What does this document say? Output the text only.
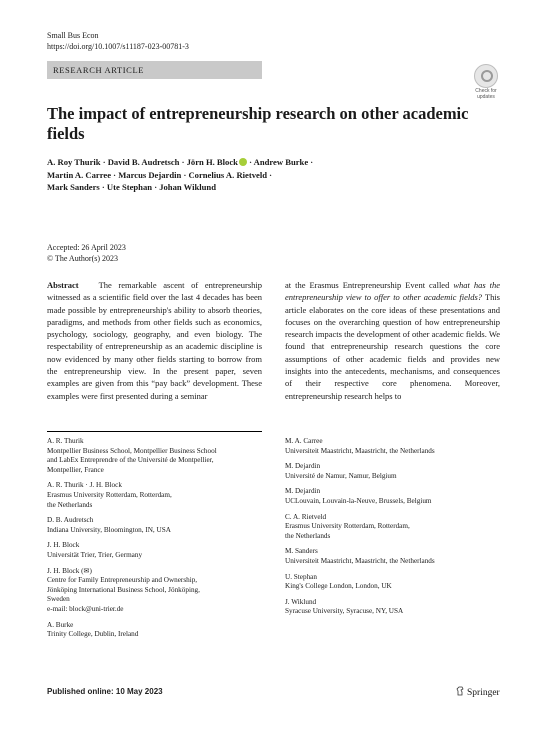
Small Bus Econ
https://doi.org/10.1007/s11187-023-00781-3
RESEARCH ARTICLE
Check for
updates
The impact of entrepreneurship research on other academic fields
A. Roy Thurik · David B. Audretsch · Jörn H. Block · Andrew Burke ·
Martin A. Carree · Marcus Dejardin · Cornelius A. Rietveld ·
Mark Sanders · Ute Stephan · Johan Wiklund
Accepted: 26 April 2023
© The Author(s) 2023
Abstract The remarkable ascent of entrepreneurship witnessed as a scientific field over the last 4 decades has been made possible by entrepreneurship's ability to absorb theories, paradigms, and methods from other fields such as economics, psychology, sociology, geography, and even biology. The respectability of entrepreneurship as an academic discipline is now evidenced by many other fields starting to borrow from the entrepreneurship view. In the present paper, seven examples are given from this “pay back” development. These examples were first presented during a seminar
at the Erasmus Entrepreneurship Event called what has the entrepreneurship view to offer to other academic fields? This article elaborates on the core ideas of these presentations and focuses on the overarching question of how entrepreneurship research impacts the development of other academic fields. We found that entrepreneurship research questions the core assumptions of other academic fields and provides new insights into the antecedents, mechanisms, and consequences of their respective core phenomena. Moreover, entrepreneurship research helps to
A. R. Thurik
Montpellier Business School, Montpellier Business School
and LabEx Entreprendre of the Université de Montpellier,
Montpellier, France
A. R. Thurik · J. H. Block
Erasmus University Rotterdam, Rotterdam,
the Netherlands
D. B. Audretsch
Indiana University, Bloomington, IN, USA
J. H. Block
Universität Trier, Trier, Germany
J. H. Block (✉)
Centre for Family Entrepreneurship and Ownership,
Jönköping International Business School, Jönköping,
Sweden
e-mail: block@uni-trier.de
A. Burke
Trinity College, Dublin, Ireland
M. A. Carree
Universiteit Maastricht, Maastricht, the Netherlands
M. Dejardin
Université de Namur, Namur, Belgium
M. Dejardin
UCLouvain, Louvain-la-Neuve, Brussels, Belgium
C. A. Rietveld
Erasmus University Rotterdam, Rotterdam,
the Netherlands
M. Sanders
Universiteit Maastricht, Maastricht, the Netherlands
U. Stephan
King's College London, London, UK
J. Wiklund
Syracuse University, Syracuse, NY, USA
Published online: 10 May 2023	Springer
